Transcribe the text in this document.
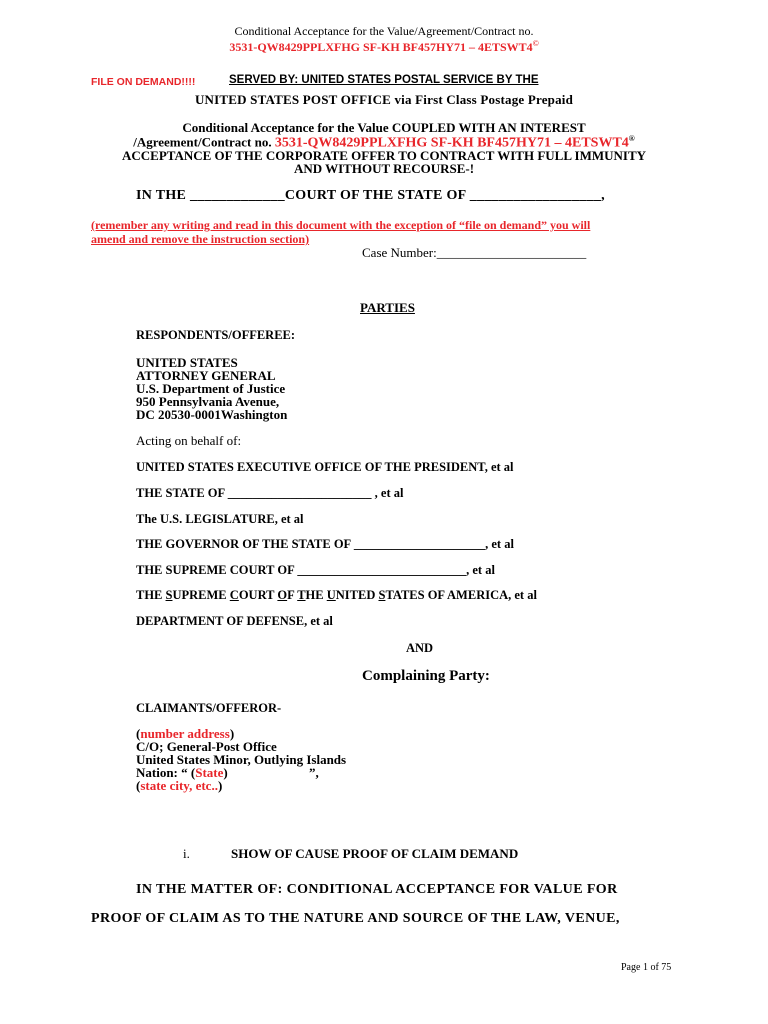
Conditional Acceptance for the Value/Agreement/Contract no.
3531-QW8429PPLXFHG SF-KH BF457HY71 – 4ETSWT4©
FILE ON DEMAND!!!!	SERVED BY: UNITED STATES POSTAL SERVICE BY THE
UNITED STATES POST OFFICE via First Class Postage Prepaid
Conditional Acceptance for the Value COUPLED WITH AN INTEREST
/Agreement/Contract no. 3531-QW8429PPLXFHG SF-KH BF457HY71 – 4ETSWT4®
ACCEPTANCE OF THE CORPORATE OFFER TO CONTRACT WITH FULL IMMUNITY
AND WITHOUT RECOURSE-!
IN THE _____________COURT OF THE STATE OF __________________,
(remember any writing and read in this document with the exception of “file on demand” you will
amend and remove the instruction section)
Case Number:_______________________
PARTIES
RESPONDENTS/OFFEREE:
UNITED STATES
ATTORNEY GENERAL
U.S. Department of Justice
950 Pennsylvania Avenue,
DC 20530-0001Washington
Acting on behalf of:
UNITED STATES EXECUTIVE OFFICE OF THE PRESIDENT, et al
THE STATE OF _______________________ , et al
The U.S. LEGISLATURE, et al
THE GOVERNOR OF THE STATE OF _____________________, et al
THE SUPREME COURT OF ___________________________, et al
THE SUPREME COURT OF THE UNITED STATES OF AMERICA, et al
DEPARTMENT OF DEFENSE, et al
AND
Complaining Party:
CLAIMANTS/OFFEROR-
(number address)
C/O; General-Post Office
United States Minor, Outlying Islands
Nation: “ (State)                         ”,
(state city, etc..)
i.	SHOW OF CAUSE PROOF OF CLAIM DEMAND
IN THE MATTER OF: CONDITIONAL ACCEPTANCE FOR VALUE FOR
PROOF OF CLAIM AS TO THE NATURE AND SOURCE OF THE LAW, VENUE,
Page 1 of 75
